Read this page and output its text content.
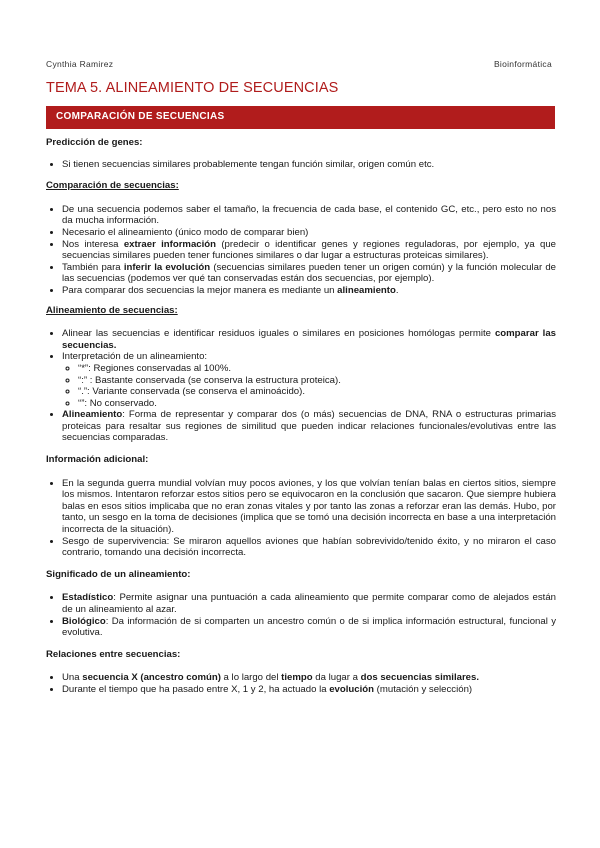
Cynthia Ramirez	Bioinformática
TEMA 5. ALINEAMIENTO DE SECUENCIAS
COMPARACIÓN DE SECUENCIAS
Predicción de genes:
• Si tienen secuencias similares probablemente tengan función similar, origen común etc.
Comparación de secuencias:
• De una secuencia podemos saber el tamaño, la frecuencia de cada base, el contenido GC, etc., pero esto no nos da mucha información.
• Necesario el alineamiento (único modo de comparar bien)
• Nos interesa extraer información (predecir o identificar genes y regiones reguladoras, por ejemplo, ya que secuencias similares pueden tener funciones similares o dar lugar a estructuras proteicas similares).
• También para inferir la evolución (secuencias similares pueden tener un origen común) y la función molecular de las secuencias (podemos ver qué tan conservadas están dos secuencias, por ejemplo).
• Para comparar dos secuencias la mejor manera es mediante un alineamiento.
Alineamiento de secuencias:
• Alinear las secuencias e identificar residuos iguales o similares en posiciones homólogas permite comparar las secuencias.
• Interpretación de un alineamiento:
◦ “*”: Regiones conservadas al 100%.
◦ “:” : Bastante conservada (se conserva la estructura proteica).
◦ “.”: Variante conservada (se conserva el aminoácido).
◦ “”: No conservado.
• Alineamiento: Forma de representar y comparar dos (o más) secuencias de DNA, RNA o estructuras primarias proteicas para resaltar sus regiones de similitud que pueden indicar relaciones funcionales/evolutivas entre las secuencias comparadas.
Información adicional:
• En la segunda guerra mundial volvían muy pocos aviones, y los que volvían tenían balas en ciertos sitios, siempre los mismos. Intentaron reforzar estos sitios pero se equivocaron en la conclusión que sacaron. Que siempre hubiera balas en esos sitios implicaba que no eran zonas vitales y por tanto las zonas a reforzar eran las demás. Hubo, por tanto, un sesgo en la toma de decisiones (implica que se tomó una decisión incorrecta en base a una interpretación incorrecta de la situación).
• Sesgo de supervivencia: Se miraron aquellos aviones que habían sobrevivido/tenido éxito, y no miraron el caso contrario, tomando una decisión incorrecta.
Significado de un alineamiento:
• Estadístico: Permite asignar una puntuación a cada alineamiento que permite comparar como de alejados están de un alineamiento al azar.
• Biológico: Da información de si comparten un ancestro común o de si implica información estructural, funcional y evolutiva.
Relaciones entre secuencias:
• Una secuencia X (ancestro común) a lo largo del tiempo da lugar a dos secuencias similares.
• Durante el tiempo que ha pasado entre X, 1 y 2, ha actuado la evolución (mutación y selección)
